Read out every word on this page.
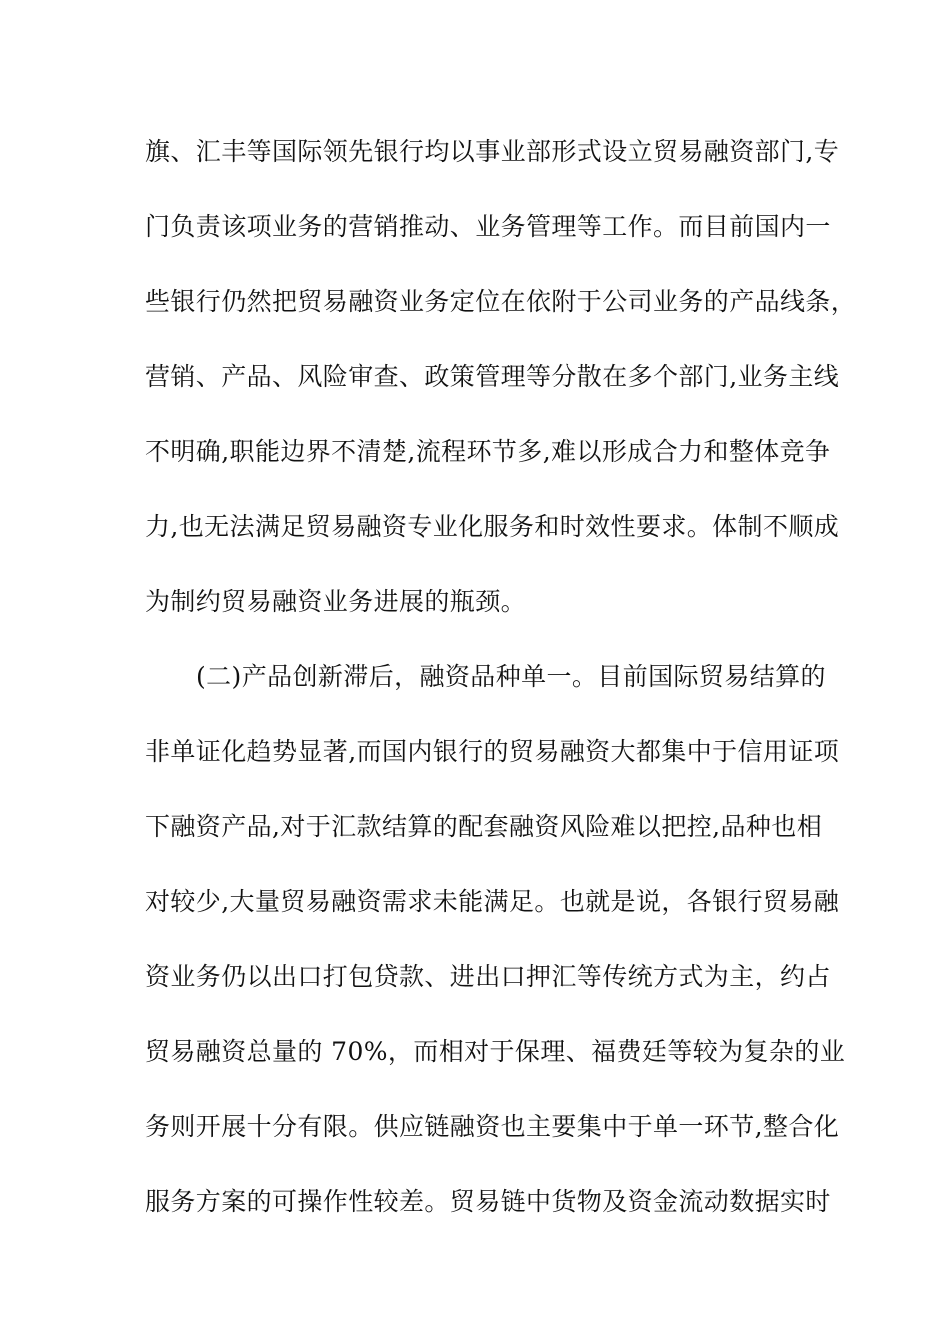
旗、汇丰等国际领先银行均以事业部形式设立贸易融资部门,专
门负责该项业务的营销推动、业务管理等工作。而目前国内一
些银行仍然把贸易融资业务定位在依附于公司业务的产品线条，
营销、产品、风险审查、政策管理等分散在多个部门,业务主线
不明确,职能边界不清楚,流程环节多,难以形成合力和整体竞争
力,也无法满足贸易融资专业化服务和时效性要求。体制不顺成
为制约贸易融资业务进展的瓶颈。
(二)产品创新滞后，融资品种单一。目前国际贸易结算的
非单证化趋势显著,而国内银行的贸易融资大都集中于信用证项
下融资产品,对于汇款结算的配套融资风险难以把控,品种也相
对较少,大量贸易融资需求未能满足。也就是说，各银行贸易融
资业务仍以出口打包贷款、进出口押汇等传统方式为主，约占
贸易融资总量的 70%，而相对于保理、福费廷等较为复杂的业
务则开展十分有限。供应链融资也主要集中于单一环节,整合化
服务方案的可操作性较差。贸易链中货物及资金流动数据实时
